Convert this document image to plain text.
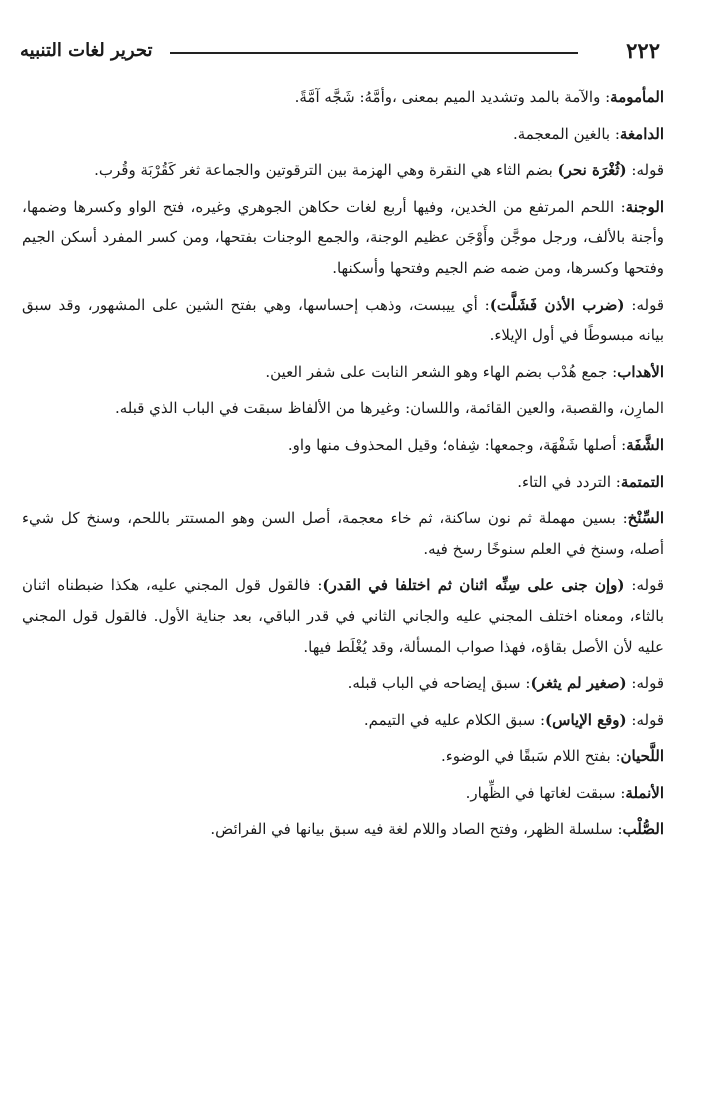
٢٢٢
تحرير لغات التنبيه

المأمومة: والآمة بالمد وتشديد الميم بمعنى ،وأمَّهُ: شَجَّه آمَّةً.

الدامغة: بالغين المعجمة.

قوله: (ثُغْرَة نحر) بضم الثاء هي النقرة وهي الهزمة بين الترقوتين والجماعة ثغر كَقُرْبَة وقُرب.

الوجنة: اللحم المرتفع من الخدين، وفيها أربع لغات حكاهن الجوهري وغيره، فتح الواو وكسرها وضمها، وأجنة بالألف، ورجل موجَّن وأَوْجَن عظيم الوجنة، والجمع الوجنات بفتحها، ومن كسر المفرد أسكن الجيم وفتحها وكسرها، ومن ضمه ضم الجيم وفتحها وأسكنها.

قوله: (ضرب الأذن فَشَلَّت): أي ييبست، وذهب إحساسها، وهي بفتح الشين على المشهور، وقد سبق بيانه مبسوطًا في أول الإيلاء.

الأهداب: جمع هُدْب بضم الهاء وهو الشعر النابت على شفر العين.

المارِن، والقصبة، والعين القائمة، واللسان: وغيرها من الألفاظ سبقت في الباب الذي قبله.

الشَّفَة: أصلها شَفْهَة، وجمعها: شِفاه؛ وقيل المحذوف منها واو.

التمتمة: التردد في التاء.

السِّنْخ: بسين مهملة ثم نون ساكنة، ثم خاء معجمة، أصل السن وهو المستتر باللحم، وسنخ كل شيء أصله، وسنخ في العلم سنوخًا رسخ فيه.

قوله: (وإن جنى على سِنِّه اثنان ثم اختلفا في القدر): فالقول قول المجني عليه، هكذا ضبطناه اثنان بالثاء، ومعناه اختلف المجني عليه والجاني الثاني في قدر الباقي، بعد جناية الأول. فالقول قول المجني عليه لأن الأصل بقاؤه، فهذا صواب المسألة، وقد يُغْلَط فيها.

قوله: (صغير لم يثغر): سبق إيضاحه في الباب قبله.

قوله: (وقع الإياس): سبق الكلام عليه في التيمم.

اللَّحيان: بفتح اللام سَبقًا في الوضوء.

الأنملة: سبقت لغاتها في الظِّهار.

الصُّلْب: سلسلة الظهر، وفتح الصاد واللام لغة فيه سبق بيانها في الفرائض.
